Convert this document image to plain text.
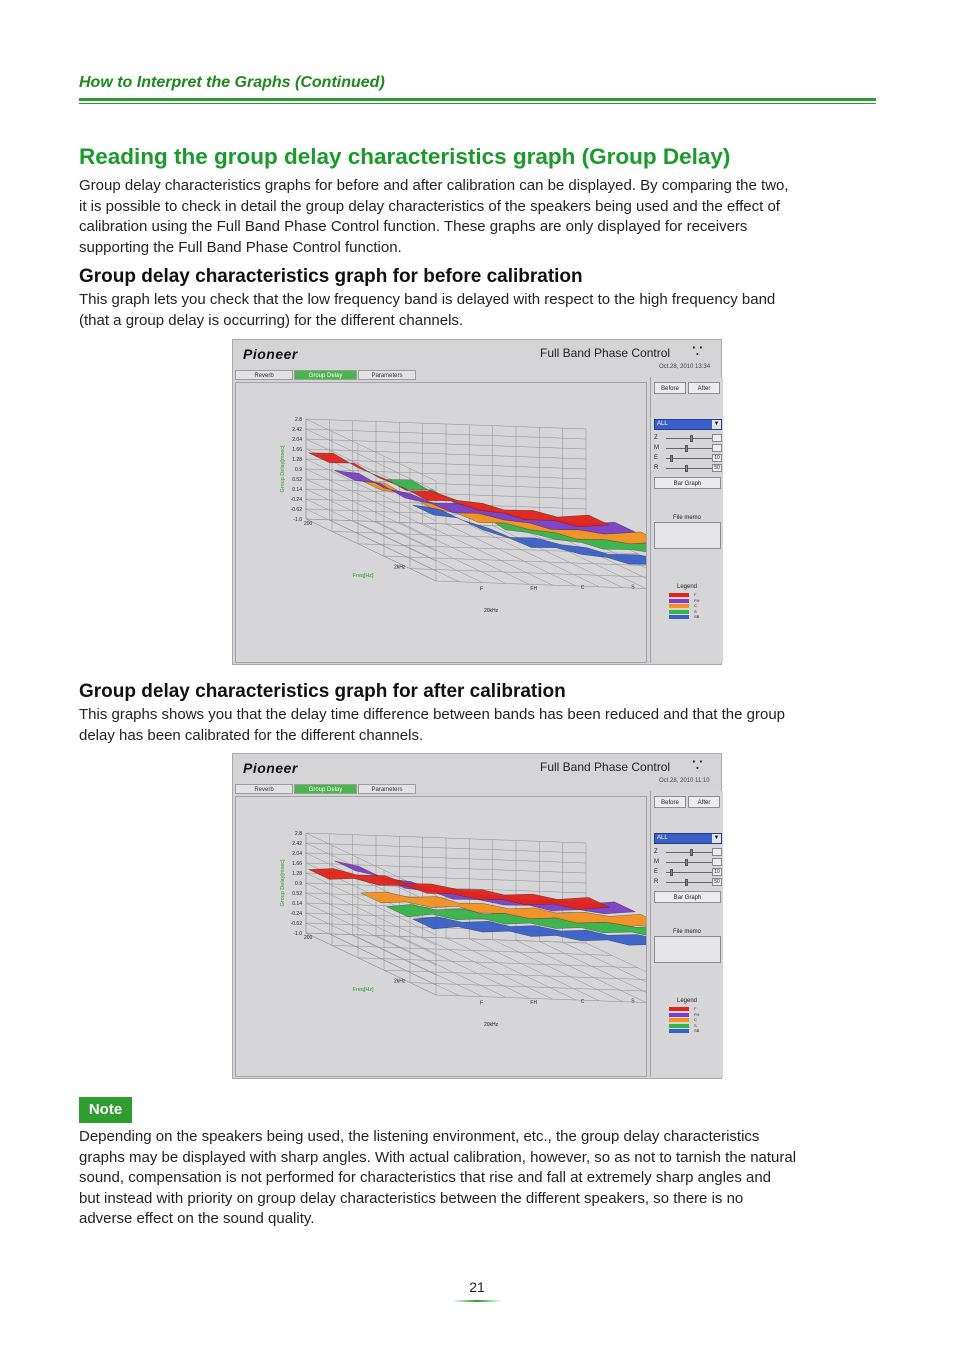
How to Interpret the Graphs (Continued)
Reading the group delay characteristics graph (Group Delay)

Group delay characteristics graphs for before and after calibration can be displayed. By comparing the two,
it is possible to check in detail the group delay characteristics of the speakers being used and the effect of
calibration using the Full Band Phase Control function. These graphs are only displayed for receivers
supporting the Full Band Phase Control function.

Group delay characteristics graph for before calibration

This graph lets you check that the low frequency band is delayed with respect to the high frequency band
(that a group delay is occurring) for the different channels.

Pioneer	Full Band Phase Control ∵
Reverb	Group Delay	Parameters
Oct.28, 2010 13:34
2.8
2.42
2.04
1.66
1.28
0.9
0.52
0.14
-0.24
-0.62
-1.0
Group Delay[msec]
200
2kHz
20kHz
Freq[Hz]
F	FH	C	S
Before	After
ALL	▼
Z
M
E	10
R	50
Bar Graph
File memo
Legend
F
FH
C
S
SB
Group delay characteristics graph for after calibration

This graphs shows you that the delay time difference between bands has been reduced and that the group
delay has been calibrated for the different channels.

Pioneer	Full Band Phase Control ∵
Reverb	Group Delay	Parameters
Oct.28, 2010 11:10
2.8
2.42
2.04
1.66
1.28
0.9
0.52
0.14
-0.24
-0.62
-1.0
Group Delay[msec]
200
2kHz
20kHz
Freq[Hz]
F	FH	C	S
Before	After
ALL	▼
Z
M
E	10
R	50
Bar Graph
File memo
Legend
F
FH
C
S
SB
Note

Depending on the speakers being used, the listening environment, etc., the group delay characteristics
graphs may be displayed with sharp angles. With actual calibration, however, so as not to tarnish the natural
sound, compensation is not performed for characteristics that rise and fall at extremely sharp angles and
but instead with priority on group delay characteristics between the different speakers, so there is no
adverse effect on the sound quality.

21
